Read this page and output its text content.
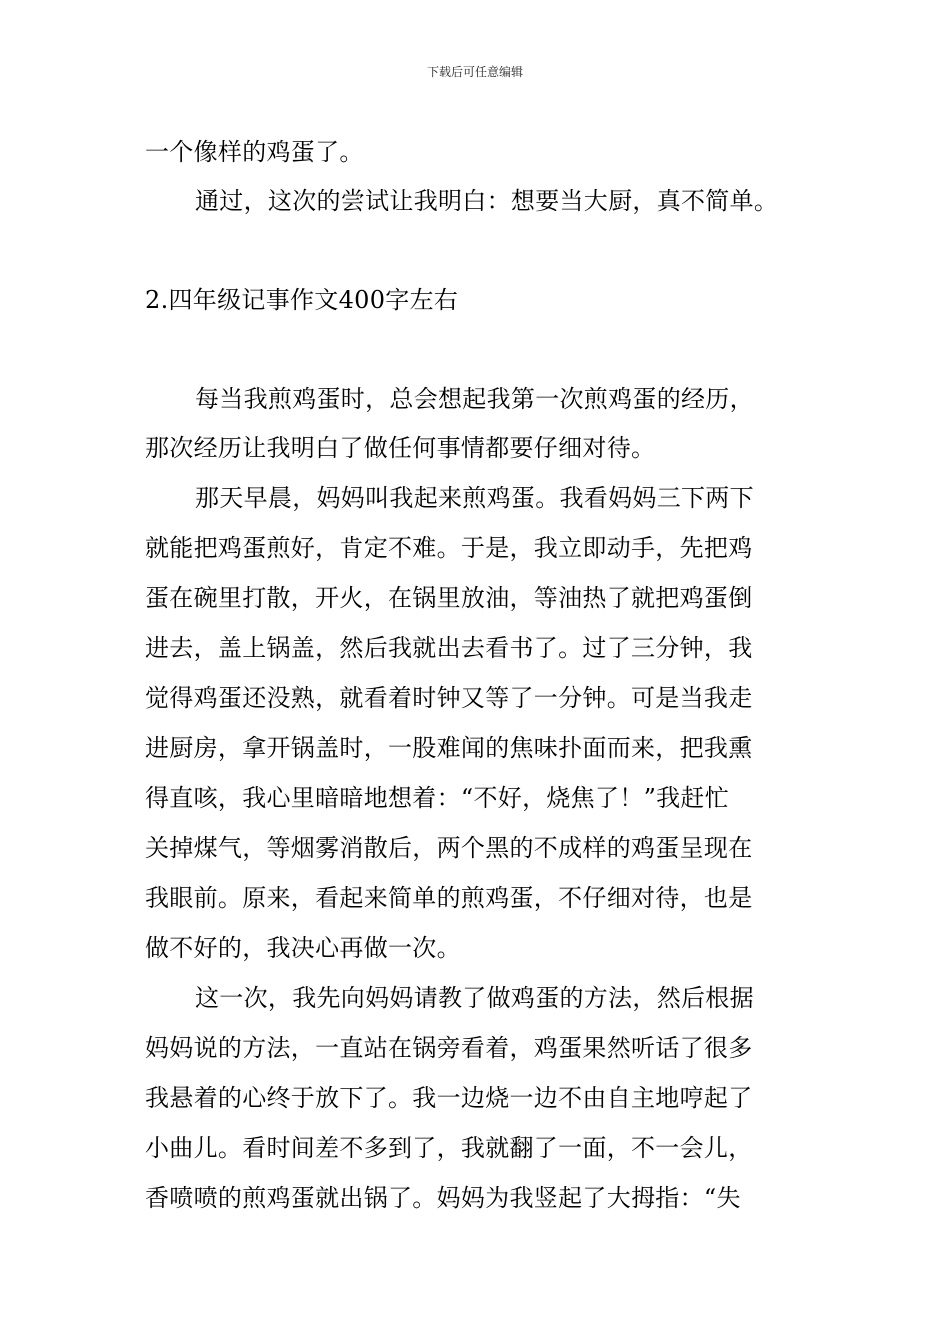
下载后可任意编辑
一个像样的鸡蛋了。
通过，这次的尝试让我明白：想要当大厨，真不简单。
2.四年级记事作文400字左右
每当我煎鸡蛋时，总会想起我第一次煎鸡蛋的经历，
那次经历让我明白了做任何事情都要仔细对待。
那天早晨，妈妈叫我起来煎鸡蛋。我看妈妈三下两下
就能把鸡蛋煎好，肯定不难。于是，我立即动手，先把鸡
蛋在碗里打散，开火，在锅里放油，等油热了就把鸡蛋倒
进去，盖上锅盖，然后我就出去看书了。过了三分钟，我
觉得鸡蛋还没熟，就看着时钟又等了一分钟。可是当我走
进厨房，拿开锅盖时，一股难闻的焦味扑面而来，把我熏
得直咳，我心里暗暗地想着：“不好，烧焦了！”我赶忙
关掉煤气，等烟雾消散后，两个黑的不成样的鸡蛋呈现在
我眼前。原来，看起来简单的煎鸡蛋，不仔细对待，也是
做不好的，我决心再做一次。
这一次，我先向妈妈请教了做鸡蛋的方法，然后根据
妈妈说的方法，一直站在锅旁看着，鸡蛋果然听话了很多
我悬着的心终于放下了。我一边烧一边不由自主地哼起了
小曲儿。看时间差不多到了，我就翻了一面，不一会儿，
香喷喷的煎鸡蛋就出锅了。妈妈为我竖起了大拇指：“失
